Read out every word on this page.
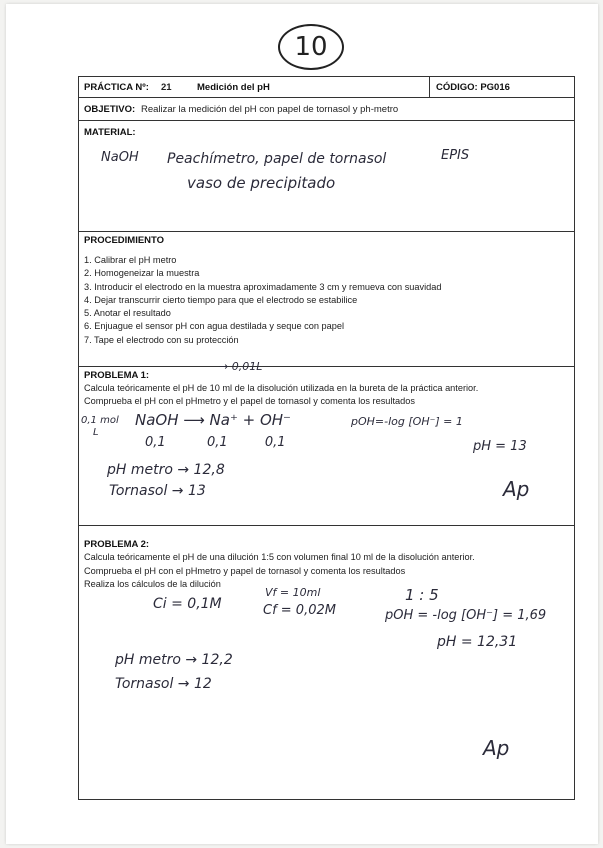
10
PRÁCTICA Nº: 21	Medición del pH	CÓDIGO: PG016
OBJETIVO: Realizar la medición del pH con papel de tornasol y ph-metro
MATERIAL:
NaOH Peachímetro, papel de tornasol	EPIS
vaso de precipitado
PROCEDIMIENTO
1. Calibrar el pH metro
2. Homogeneizar la muestra
3. Introducir el electrodo en la muestra aproximadamente 3 cm y remueva con suavidad
4. Dejar transcurrir cierto tiempo para que el electrodo se estabilice
5. Anotar el resultado
6. Enjuague el sensor pH con agua destilada y seque con papel
7. Tape el electrodo con su protección
PROBLEMA 1:
Calcula teóricamente el pH de 10 ml de la disolución utilizada en la bureta de la práctica anterior.
Comprueba el pH con el pHmetro y el papel de tornasol y comenta los resultados
→ 0,01L
0,1 mol
L
NaOH ⟶ Na⁺ + OH⁻
0,1          0,1         0,1
pOH=-log [OH⁻] = 1
pH = 13
pH metro → 12,8
Tornasol → 13	Ap
PROBLEMA 2:
Calcula teóricamente el pH de una dilución 1:5 con volumen final 10 ml de la disolución anterior.
Comprueba el pH con el pHmetro y papel de tornasol y comenta los resultados
Realiza los cálculos de la dilución
Ci = 0,1M
Vf = 10ml
Cf = 0,02M
1 : 5
pOH = -log [OH⁻] = 1,69
pH = 12,31
pH metro → 12,2
Tornasol → 12
Ap
